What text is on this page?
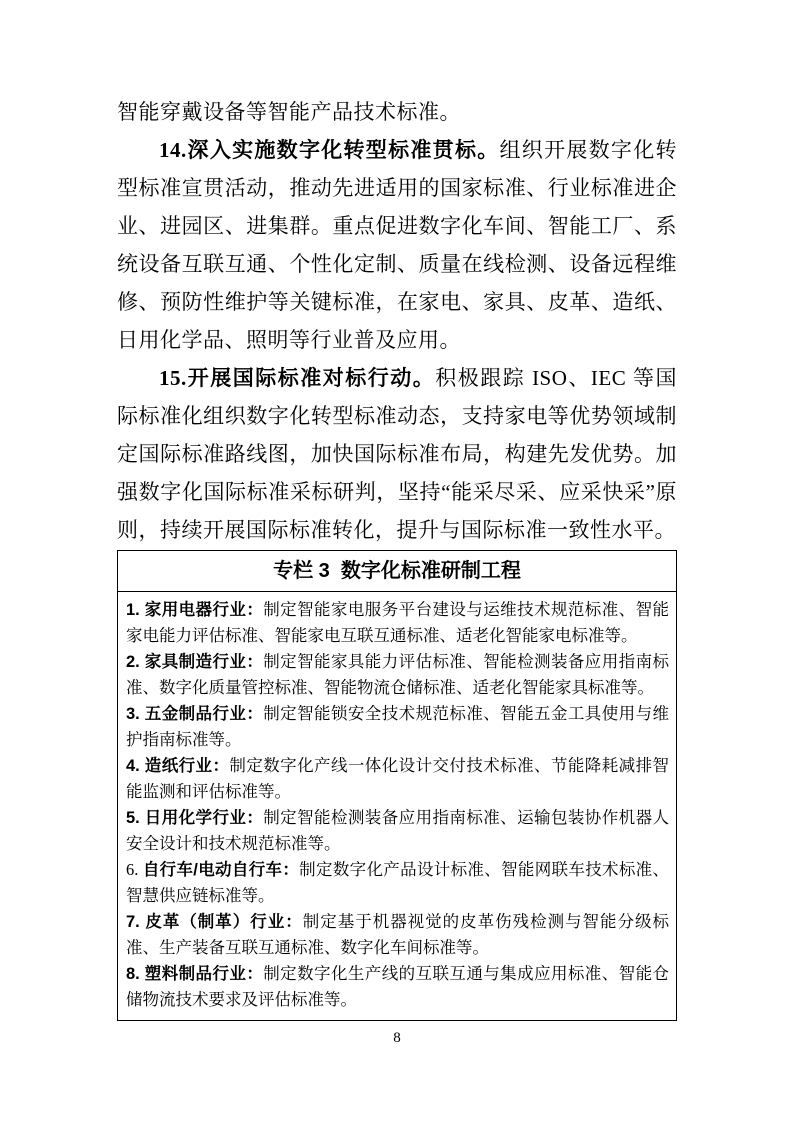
智能穿戴设备等智能产品技术标准。

14.深入实施数字化转型标准贯标。组织开展数字化转型标准宣贯活动，推动先进适用的国家标准、行业标准进企业、进园区、进集群。重点促进数字化车间、智能工厂、系统设备互联互通、个性化定制、质量在线检测、设备远程维修、预防性维护等关键标准，在家电、家具、皮革、造纸、日用化学品、照明等行业普及应用。

15.开展国际标准对标行动。积极跟踪 ISO、IEC 等国际标准化组织数字化转型标准动态，支持家电等优势领域制定国际标准路线图，加快国际标准布局，构建先发优势。加强数字化国际标准采标研判，坚持“能采尽采、应采快采”原则，持续开展国际标准转化，提升与国际标准一致性水平。

专栏 3  数字化标准研制工程

1. 家用电器行业：制定智能家电服务平台建设与运维技术规范标准、智能家电能力评估标准、智能家电互联互通标准、适老化智能家电标准等。

2. 家具制造行业：制定智能家具能力评估标准、智能检测装备应用指南标准、数字化质量管控标准、智能物流仓储标准、适老化智能家具标准等。

3. 五金制品行业：制定智能锁安全技术规范标准、智能五金工具使用与维护指南标准等。

4. 造纸行业：制定数字化产线一体化设计交付技术标准、节能降耗减排智能监测和评估标准等。

5. 日用化学行业：制定智能检测装备应用指南标准、运输包装协作机器人安全设计和技术规范标准等。

6. 自行车/电动自行车：制定数字化产品设计标准、智能网联车技术标准、智慧供应链标准等。

7. 皮革（制革）行业：制定基于机器视觉的皮革伤残检测与智能分级标准、生产装备互联互通标准、数字化车间标准等。

8. 塑料制品行业：制定数字化生产线的互联互通与集成应用标准、智能仓储物流技术要求及评估标准等。

8
